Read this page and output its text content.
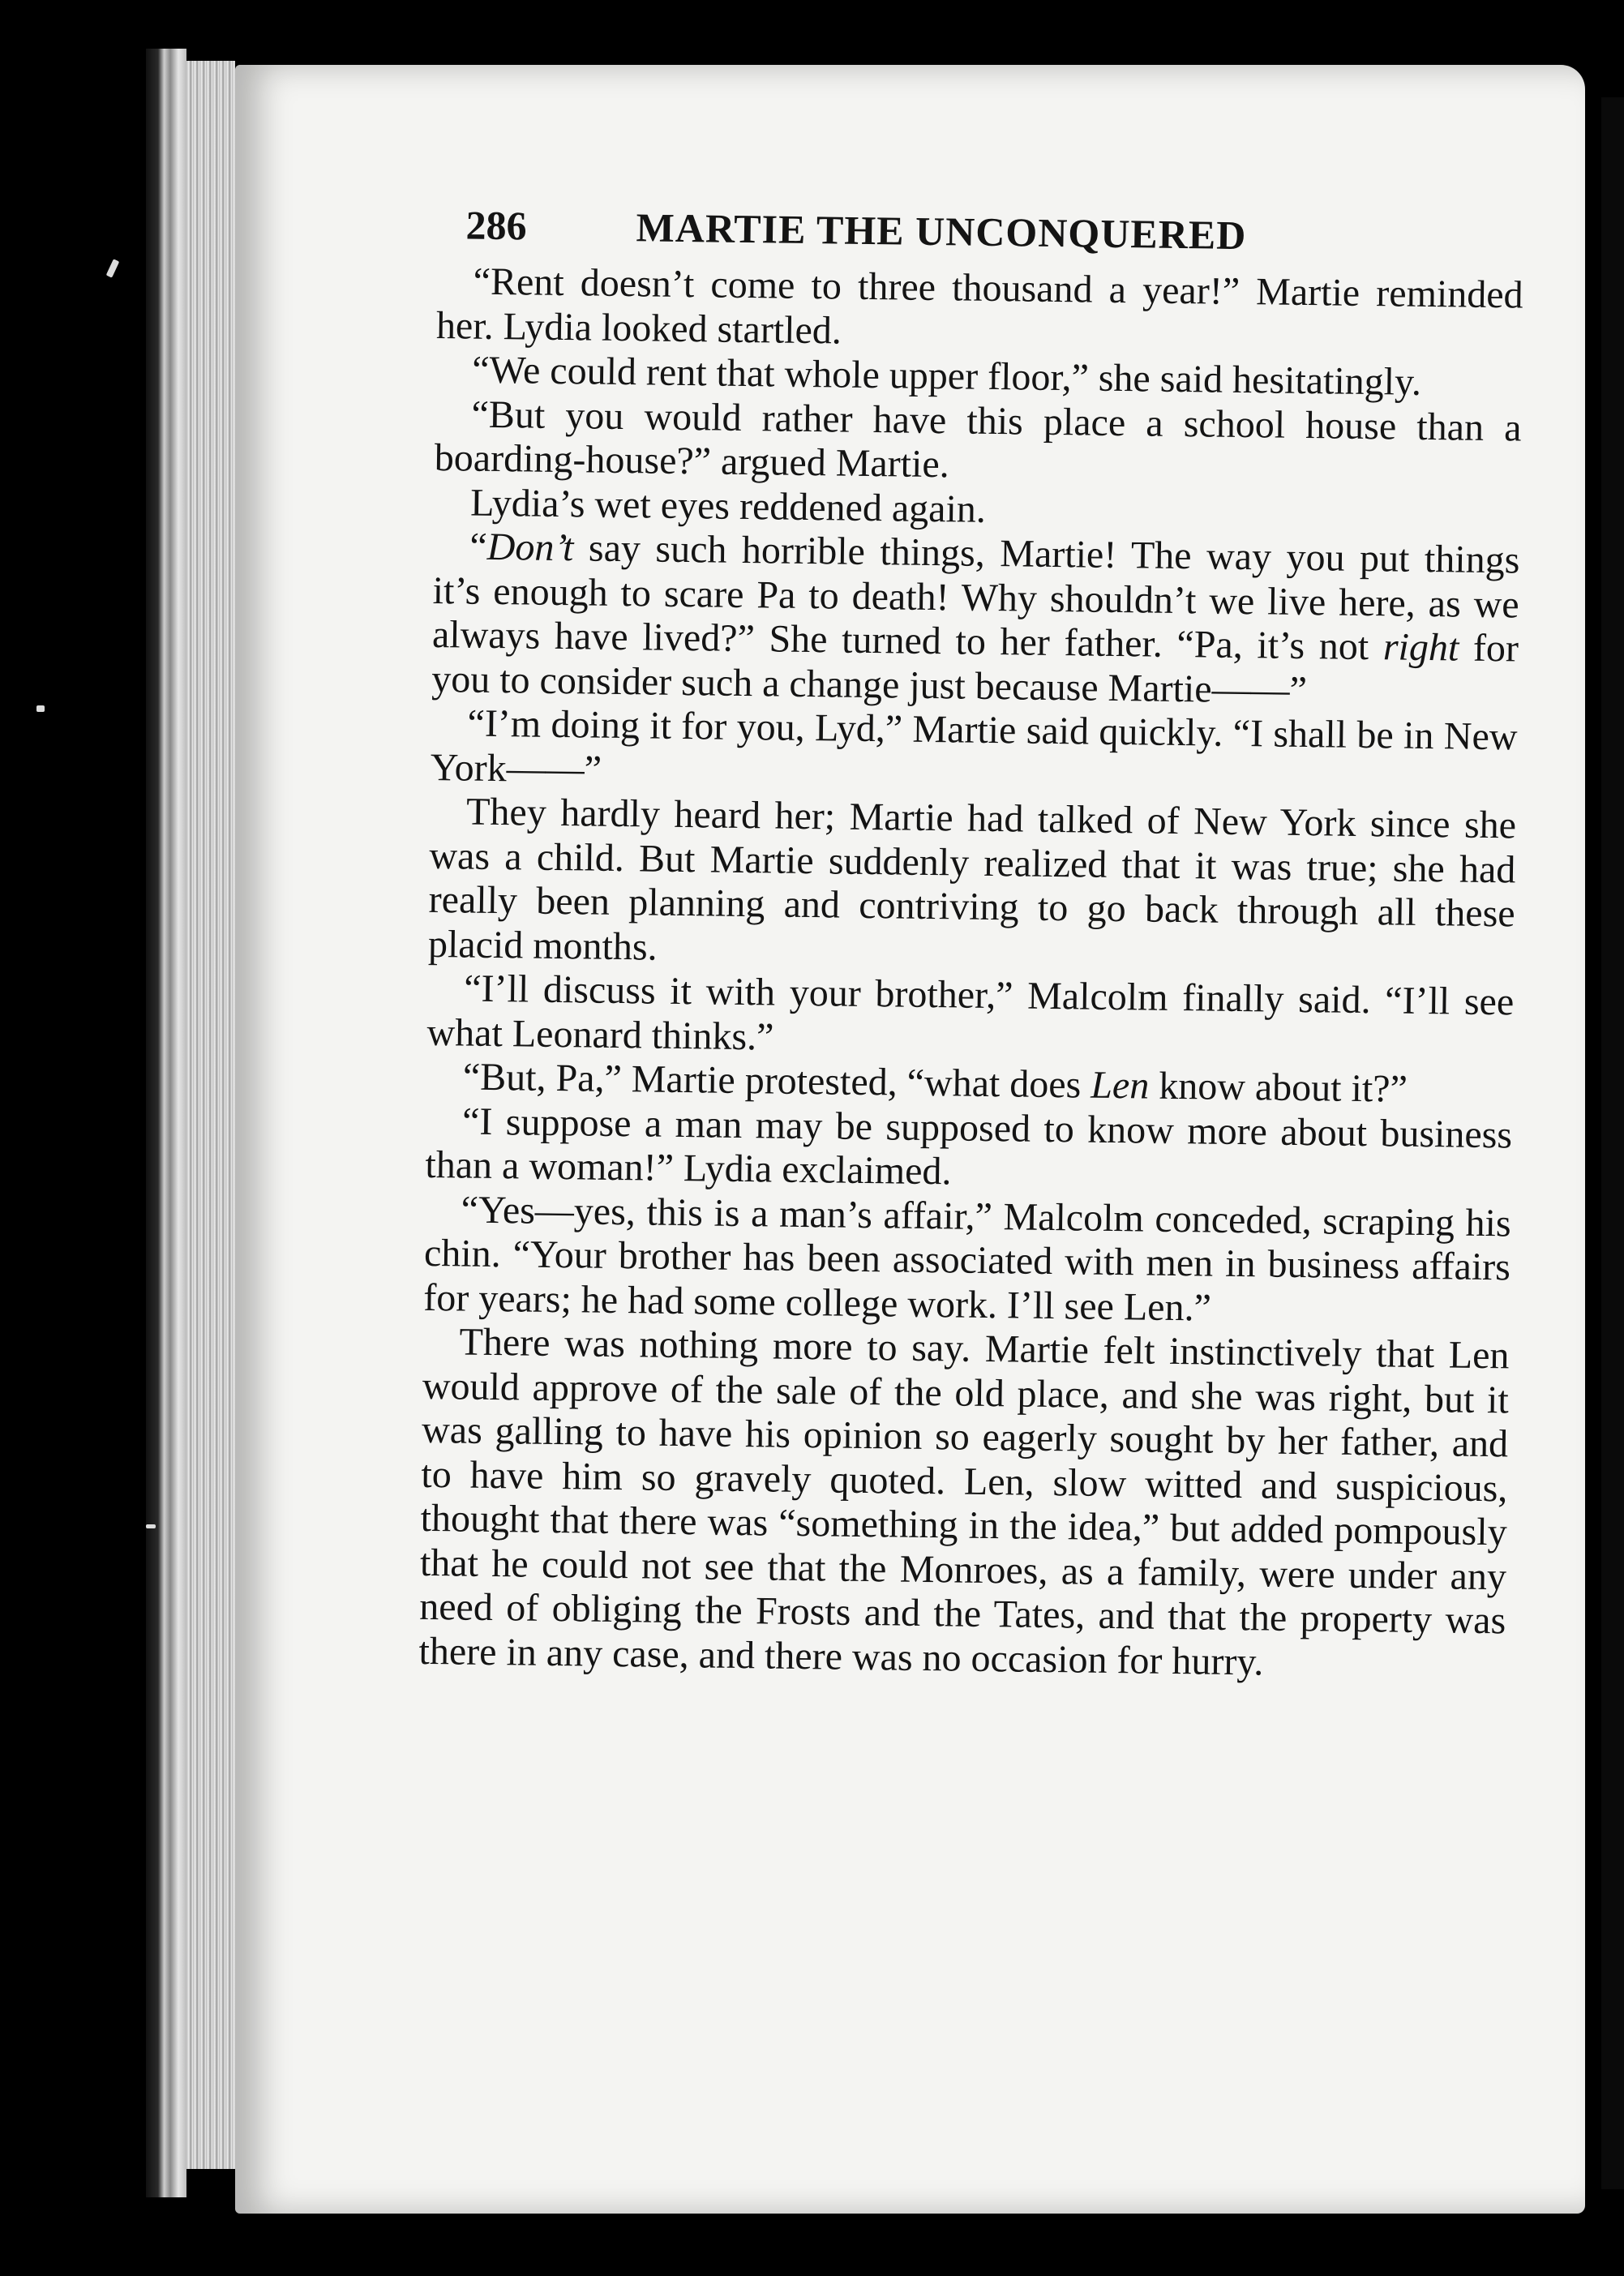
286	MARTIE THE UNCONQUERED

“Rent doesn’t come to three thousand a year!” Martie reminded her. Lydia looked startled.

“We could rent that whole upper floor,” she said hesitatingly.

“But you would rather have this place a school house than a boarding-house?” argued Martie.

Lydia’s wet eyes reddened again.

“Don’t say such horrible things, Martie! The way you put things it’s enough to scare Pa to death! Why shouldn’t we live here, as we always have lived?” She turned to her father. “Pa, it’s not right for you to consider such a change just because Martie——”

“I’m doing it for you, Lyd,” Martie said quickly. “I shall be in New York——”

They hardly heard her; Martie had talked of New York since she was a child. But Martie suddenly realized that it was true; she had really been planning and contriving to go back through all these placid months.

“I’ll discuss it with your brother,” Malcolm finally said. “I’ll see what Leonard thinks.”

“But, Pa,” Martie protested, “what does Len know about it?”

“I suppose a man may be supposed to know more about business than a woman!” Lydia exclaimed.

“Yes—yes, this is a man’s affair,” Malcolm conceded, scraping his chin. “Your brother has been associated with men in business affairs for years; he had some college work. I’ll see Len.”

There was nothing more to say. Martie felt instinctively that Len would approve of the sale of the old place, and she was right, but it was galling to have his opinion so eagerly sought by her father, and to have him so gravely quoted. Len, slow witted and suspicious, thought that there was “something in the idea,” but added pompously that he could not see that the Monroes, as a family, were under any need of obliging the Frosts and the Tates, and that the property was there in any case, and there was no occasion for hurry.
